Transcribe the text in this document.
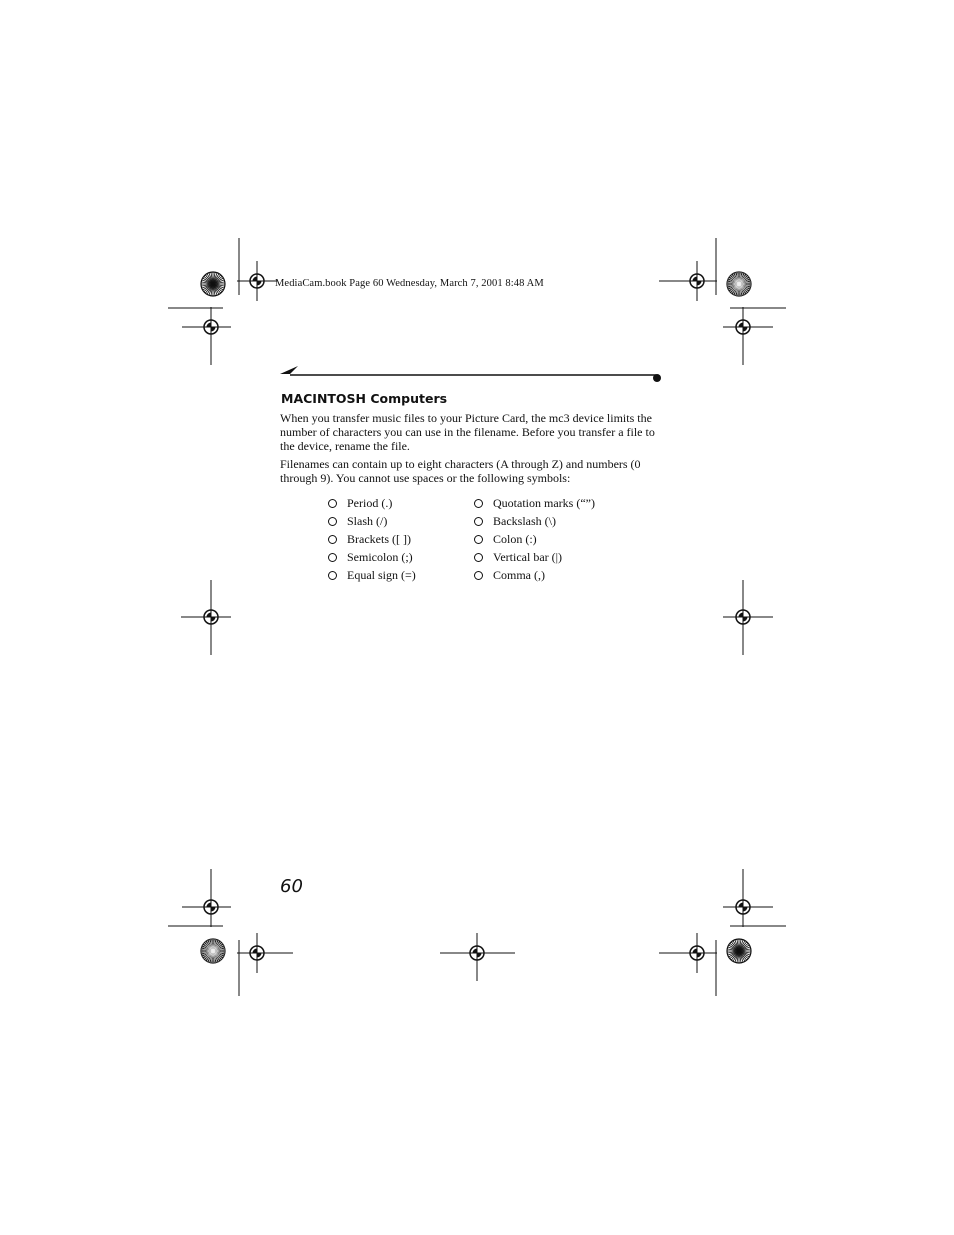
MediaCam.book Page 60 Wednesday, March 7, 2001 8:48 AM
MACINTOSH Computers

When you transfer music files to your Picture Card, the mc3 device limits the number of characters you can use in the filename. Before you transfer a file to the device, rename the file.

Filenames can contain up to eight characters (A through Z) and numbers (0 through 9). You cannot use spaces or the following symbols:

Period (.)
Slash (/)
Brackets ([ ])
Semicolon (;)
Equal sign (=)
Quotation marks (“”)
Backslash (\)
Colon (:)
Vertical bar (|)
Comma (,)
60
